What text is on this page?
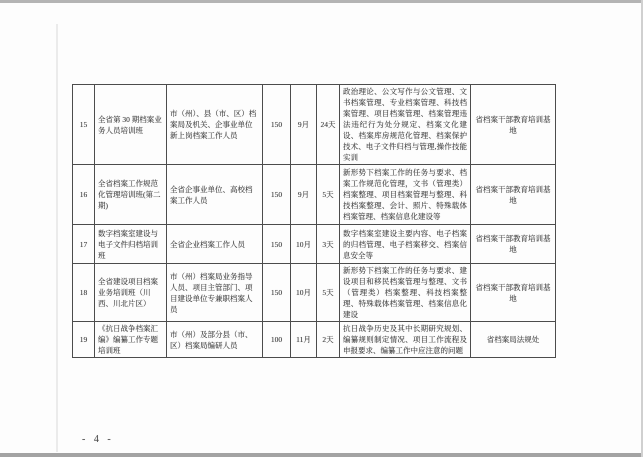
15	全省第 30 期档案业务人员培训班	市（州）、县（市、区）档案局及机关、企事业单位新上岗档案工作人员	150	9月	24天	政治理论、公文写作与公文管理、文书档案管理、专业档案管理、科技档案管理、项目档案管理、档案管理违法违纪行为处分规定、档案文化建设、档案库房规范化管理、档案保护技术、电子文件归档与管理,操作技能实训	省档案干部教育培训基地
16	全省档案工作规范化管理培训班(第二期)	全省企事业单位、高校档案工作人员	150	9月	5天	新形势下档案工作的任务与要求、档案工作规范化管理，文书（管理类）档案整理、项目档案管理与整理、科技档案整理、会计、照片、特殊载体档案管理、档案信息化建设等	省档案干部教育培训基地
17	数字档案室建设与电子文件归档培训班	全省企业档案工作人员	150	10月	3天	数字档案室建设主要内容、电子档案的归档管理、电子档案移交、档案信息安全等	省档案干部教育培训基地
18	全省建设项目档案业务培训班（川西、川北片区）	市（州）档案局业务指导人员、项目主管部门、项目建设单位专兼职档案人员	150	10月	5天	新形势下档案工作的任务与要求、建设项目和移民档案管理与整理、文书（管理类）档案整理、科技档案整理、特殊载体档案管理、档案信息化建设	省档案干部教育培训基地
19	《抗日战争档案汇编》编纂工作专题培训班	市（州）及部分县（市、区）档案局编研人员	100	11月	2天	抗日战争历史及其中长期研究规划、编纂规则制定情况、项目工作流程及申报要求、编纂工作中应注意的问题	省档案局法规处
- 4 -
